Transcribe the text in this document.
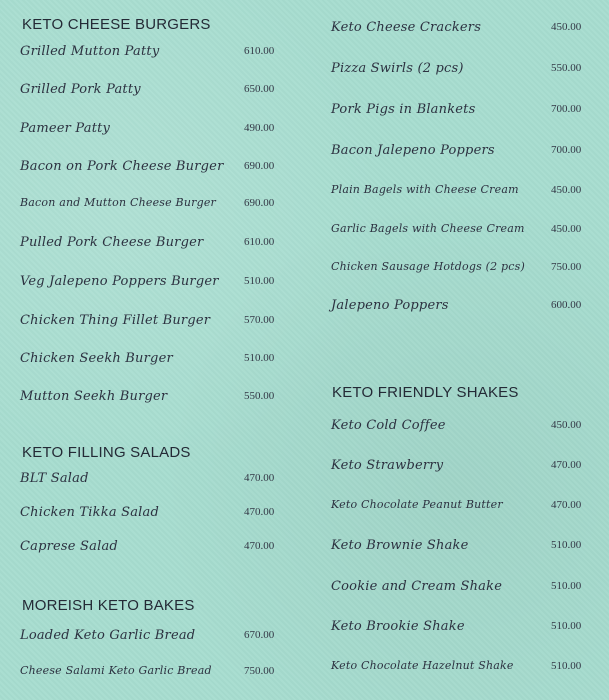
KETO CHEESE BURGERS
Grilled Mutton Patty	610.00
Grilled Pork Patty	650.00
Pameer Patty	490.00
Bacon on Pork Cheese Burger 690.00
Bacon and Mutton Cheese Burger	690.00
Pulled Pork Cheese Burger	610.00
Veg Jalepeno Poppers Burger 510.00
Chicken Thing Fillet Burger	570.00
Chicken Seekh Burger	510.00
Mutton Seekh Burger	550.00
KETO FILLING SALADS
BLT Salad	470.00
Chicken Tikka Salad	470.00
Caprese Salad	470.00
MOREISH KETO BAKES
Loaded Keto Garlic Bread	670.00
Cheese Salami Keto Garlic Bread	750.00
Keto Cheese Crackers	450.00
Pizza Swirls (2 pcs)	550.00
Pork Pigs in Blankets	700.00
Bacon Jalepeno Poppers	700.00
Plain Bagels with Cheese Cream	450.00
Garlic Bagels with Cheese Cream 450.00
Chicken Sausage Hotdogs (2 pcs) 750.00
Jalepeno Poppers	600.00
KETO FRIENDLY SHAKES
Keto Cold Coffee	450.00
Keto Strawberry	470.00
Keto Chocolate Peanut Butter	470.00
Keto Brownie Shake	510.00
Cookie and Cream Shake	510.00
Keto Brookie Shake	510.00
Keto Chocolate Hazelnut Shake	510.00
